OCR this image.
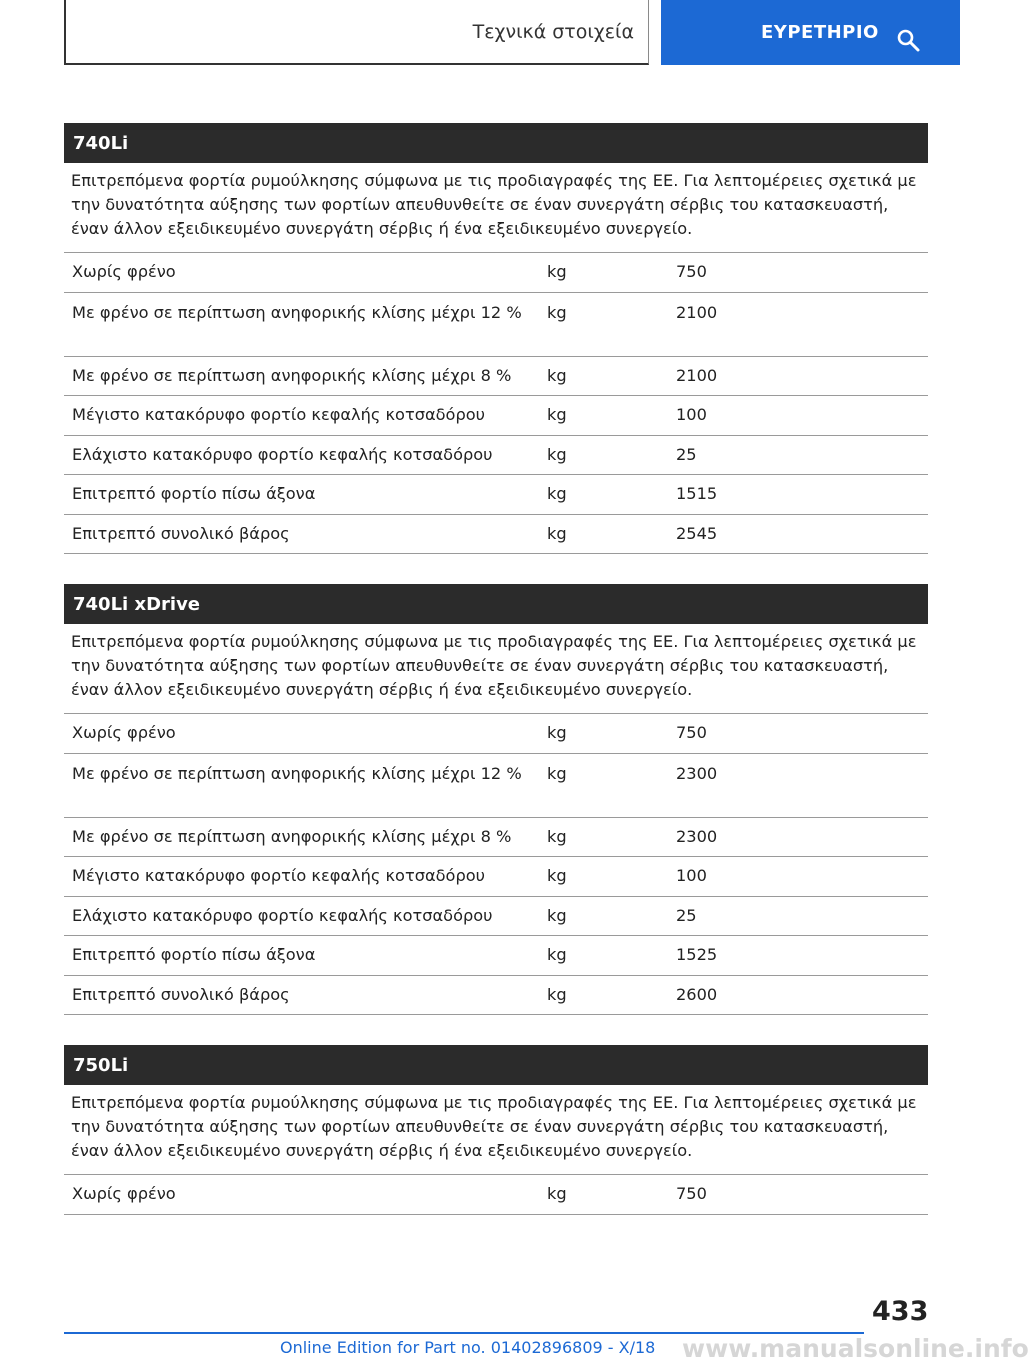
Τεχνικά στοιχεία	ΕΥΡΕΤΗΡΙΟ
740Li
Επιτρεπόμενα φορτία ρυμούλκησης σύμφωνα με τις προδιαγραφές της ΕΕ. Για λεπτομέρειες σχετικά με την δυνατότητα αύξησης των φορτίων απευθυνθείτε σε έναν συνεργάτη σέρβις του κατασκευαστή, έναν άλλον εξειδικευμένο συνεργάτη σέρβις ή ένα εξειδικευμένο συνεργείο.
Χωρίς φρένο	kg	750
Με φρένο σε περίπτωση ανηφορικής κλίσης μέχρι 12 %	kg	2100
Με φρένο σε περίπτωση ανηφορικής κλίσης μέχρι 8 %	kg	2100
Μέγιστο κατακόρυφο φορτίο κεφαλής κοτσαδόρου	kg	100
Ελάχιστο κατακόρυφο φορτίο κεφαλής κοτσαδόρου	kg	25
Επιτρεπτό φορτίο πίσω άξονα	kg	1515
Επιτρεπτό συνολικό βάρος	kg	2545
740Li xDrive
Επιτρεπόμενα φορτία ρυμούλκησης σύμφωνα με τις προδιαγραφές της ΕΕ. Για λεπτομέρειες σχετικά με την δυνατότητα αύξησης των φορτίων απευθυνθείτε σε έναν συνεργάτη σέρβις του κατασκευαστή, έναν άλλον εξειδικευμένο συνεργάτη σέρβις ή ένα εξειδικευμένο συνεργείο.
Χωρίς φρένο	kg	750
Με φρένο σε περίπτωση ανηφορικής κλίσης μέχρι 12 %	kg	2300
Με φρένο σε περίπτωση ανηφορικής κλίσης μέχρι 8 %	kg	2300
Μέγιστο κατακόρυφο φορτίο κεφαλής κοτσαδόρου	kg	100
Ελάχιστο κατακόρυφο φορτίο κεφαλής κοτσαδόρου	kg	25
Επιτρεπτό φορτίο πίσω άξονα	kg	1525
Επιτρεπτό συνολικό βάρος	kg	2600
750Li
Επιτρεπόμενα φορτία ρυμούλκησης σύμφωνα με τις προδιαγραφές της ΕΕ. Για λεπτομέρειες σχετικά με την δυνατότητα αύξησης των φορτίων απευθυνθείτε σε έναν συνεργάτη σέρβις του κατασκευαστή, έναν άλλον εξειδικευμένο συνεργάτη σέρβις ή ένα εξειδικευμένο συνεργείο.
Χωρίς φρένο	kg	750
433
www.manualsonline.info
Online Edition for Part no. 01402896809 - X/18
